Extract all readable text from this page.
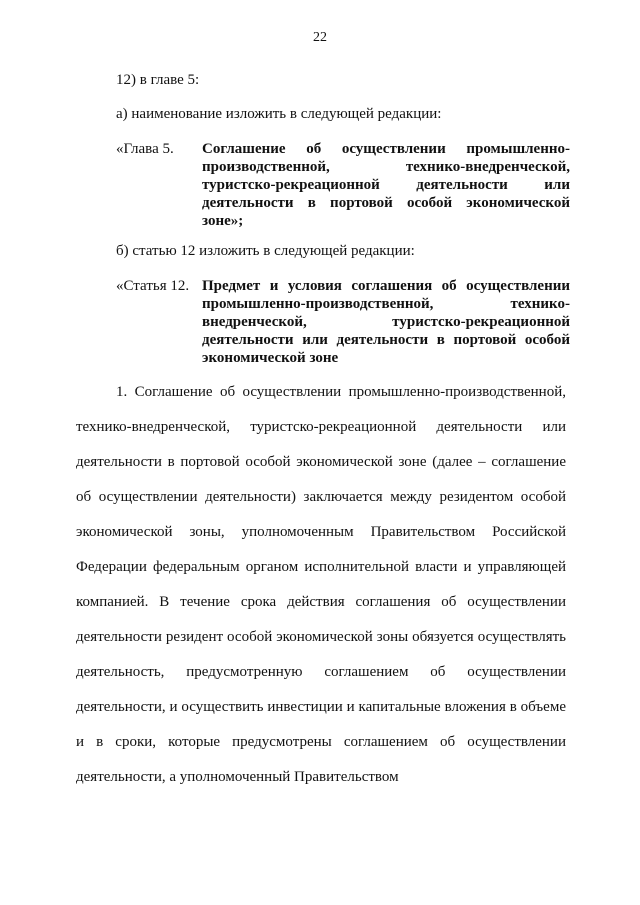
22
12) в главе 5:
а) наименование изложить в следующей редакции:
«Глава 5.	Соглашение об осуществлении промышленно-производственной, технико-внедренческой, туристско-рекреационной деятельности или деятельности в портовой особой экономической зоне»;
б) статью 12 изложить в следующей редакции:
«Статья 12. Предмет и условия соглашения об осуществлении промышленно-производственной, технико-внедренческой, туристско-рекреационной деятельности или деятельности в портовой особой экономической зоне

1. Соглашение об осуществлении промышленно-производственной, технико-внедренческой, туристско-рекреационной деятельности или деятельности в портовой особой экономической зоне (далее – соглашение об осуществлении деятельности) заключается между резидентом особой экономической зоны, уполномоченным Правительством Российской Федерации федеральным органом исполнительной власти и управляющей компанией. В течение срока действия соглашения об осуществлении деятельности резидент особой экономической зоны обязуется осуществлять деятельность, предусмотренную соглашением об осуществлении деятельности, и осуществить инвестиции и капитальные вложения в объеме и в сроки, которые предусмотрены соглашением об осуществлении деятельности, а уполномоченный Правительством
